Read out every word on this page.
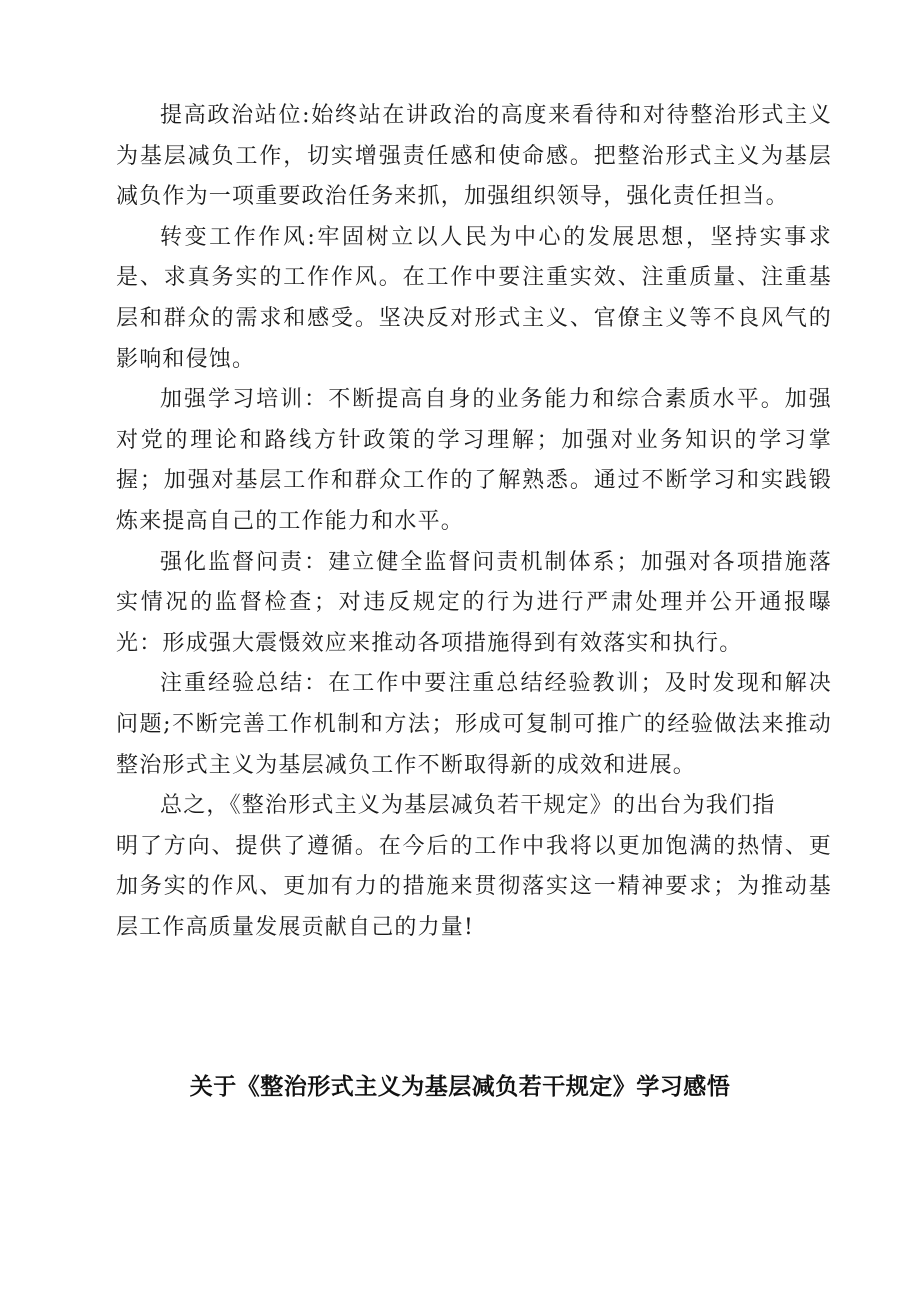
提高政治站位:始终站在讲政治的高度来看待和对待整治形式主义为基层减负工作，切实增强责任感和使命感。把整治形式主义为基层减负作为一项重要政治任务来抓，加强组织领导，强化责任担当。

转变工作作风:牢固树立以人民为中心的发展思想，坚持实事求是、求真务实的工作作风。在工作中要注重实效、注重质量、注重基层和群众的需求和感受。坚决反对形式主义、官僚主义等不良风气的影响和侵蚀。

加强学习培训：不断提高自身的业务能力和综合素质水平。加强对党的理论和路线方针政策的学习理解；加强对业务知识的学习掌握；加强对基层工作和群众工作的了解熟悉。通过不断学习和实践锻炼来提高自己的工作能力和水平。

强化监督问责：建立健全监督问责机制体系；加强对各项措施落实情况的监督检查；对违反规定的行为进行严肃处理并公开通报曝光：形成强大震慑效应来推动各项措施得到有效落实和执行。

注重经验总结：在工作中要注重总结经验教训；及时发现和解决问题;不断完善工作机制和方法；形成可复制可推广的经验做法来推动整治形式主义为基层减负工作不断取得新的成效和进展。

总之，《整治形式主义为基层减负若干规定》的出台为我们指

明了方向、提供了遵循。在今后的工作中我将以更加饱满的热情、更加务实的作风、更加有力的措施来贯彻落实这一精神要求；为推动基层工作高质量发展贡献自己的力量!

关于《整治形式主义为基层减负若干规定》学习感悟
